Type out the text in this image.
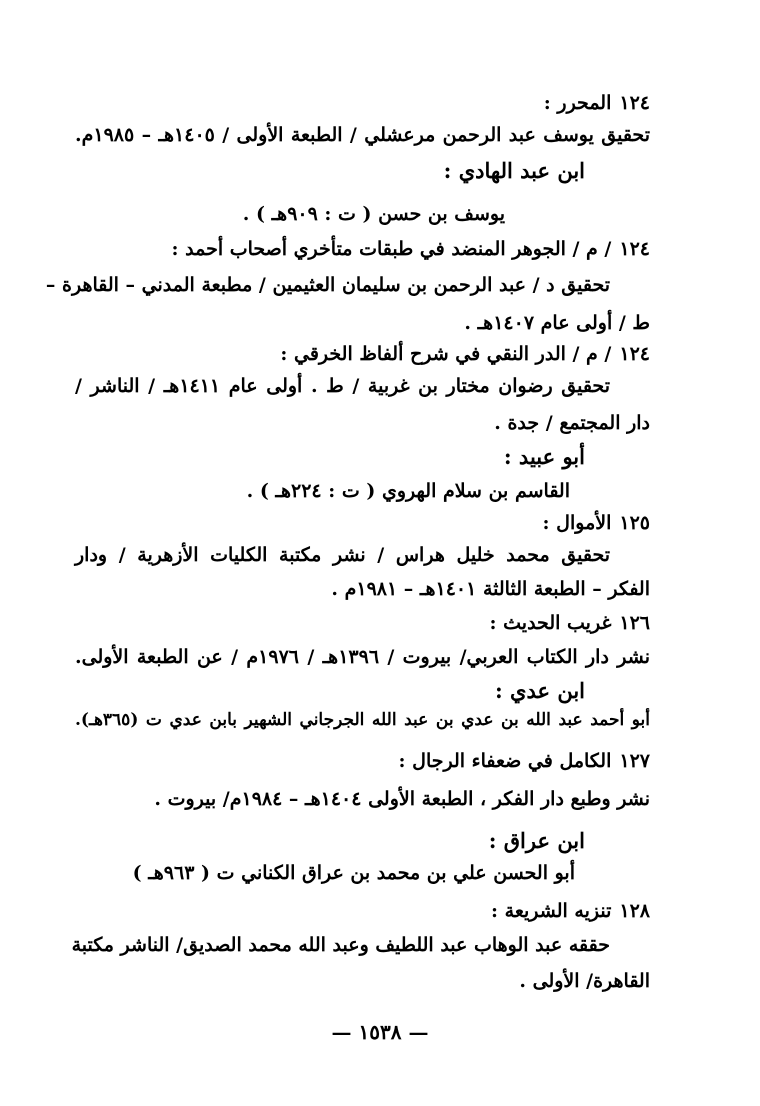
١٢٤المحرر :
تحقيق يوسف عبد الرحمن مرعشلي / الطبعة الأولى / ١٤٠٥هـ – ١٩٨٥م.
ابن عبد الهادي :
يوسف بن حسن ( ت : ٩٠٩هـ ) .
١٢٤/ م / الجوهر المنضد في طبقات متأخري أصحاب أحمد :
تحقيق د / عبد الرحمن بن سليمان العثيمين / مطبعة المدني – القاهرة –
ط / أولى عام ١٤٠٧هـ .
١٢٤/ م / الدر النقي في شرح ألفاظ الخرقي :
تحقيق رضوان مختار بن غربية / ط . أولى عام ١٤١١هـ / الناشر /
دار المجتمع / جدة .
أبو عبيد :
القاسم بن سلام الهروي ( ت : ٢٢٤هـ ) .
١٢٥الأموال :
تحقيق محمد خليل هراس / نشر مكتبة الكليات الأزهرية / ودار
الفكر – الطبعة الثالثة ١٤٠١هـ – ١٩٨١م .
١٢٦غريب الحديث :
نشر دار الكتاب العربي/ بيروت / ١٣٩٦هـ / ١٩٧٦م / عن الطبعة الأولى.
ابن عدي :
أبو أحمد عبد الله بن عدي بن عبد الله الجرجاني الشهير بابن عدي ت (٣٦٥هـ).
١٢٧الكامل في ضعفاء الرجال :
نشر وطبع دار الفكر ، الطبعة الأولى ١٤٠٤هـ – ١٩٨٤م/ بيروت .
ابن عراق :
أبو الحسن علي بن محمد بن عراق الكناني ت ( ٩٦٣هـ )
١٢٨تنزيه الشريعة :
حققه عبد الوهاب عبد اللطيف وعبد الله محمد الصديق/ الناشر مكتبة
القاهرة/ الأولى .
— ١٥٣٨ —
